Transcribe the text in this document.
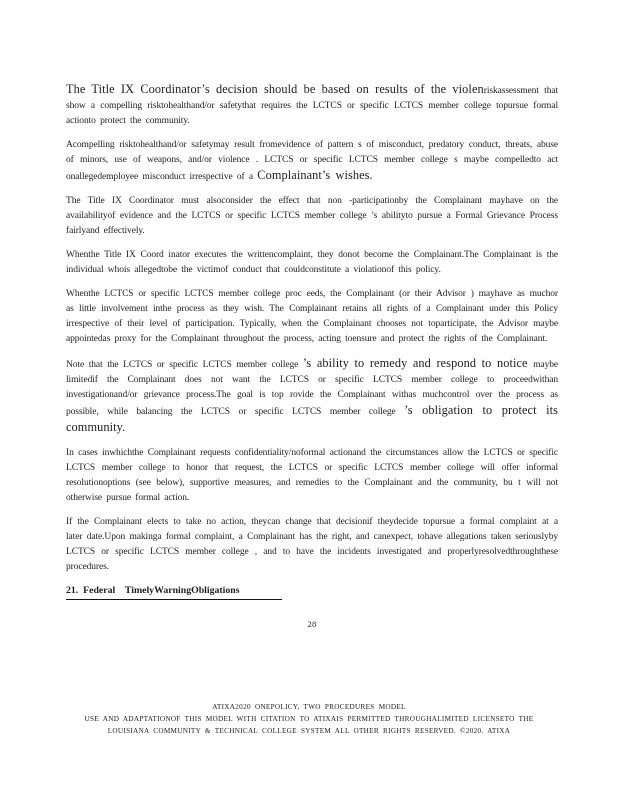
The Title IX Coordinator’s decision should be based on results of the violenriskassessment that show a compelling risktohealthand/or safetythat requires the LCTCS or specific LCTCS member college topursue formal actionto protect the community.

Acompelling risktohealthand/or safetymay result fromevidence of pattern s of misconduct, predatory conduct, threats, abuse of minors, use of weapons, and/or violence . LCTCS or specific LCTCS member college s maybe compelledto act onallegedemployee misconduct irrespective of a Complainant’s wishes.

The Title IX Coordinator must alsoconsider the effect that non -participationby the Complainant mayhave on the availabilityof evidence and the LCTCS or specific LCTCS member college ’s abilityto pursue a Formal Grievance Process fairlyand effectively.

Whenthe Title IX Coord inator executes the writtencomplaint, they donot become the Complainant.The Complainant is the individual whois allegedtobe the victimof conduct that couldconstitute a violationof this policy.

Whenthe LCTCS or specific LCTCS member college proc eeds, the Complainant (or their Advisor ) mayhave as muchor as little involvement inthe process as they wish. The Complainant retains all rights of a Complainant under this Policy irrespective of their level of participation. Typically, when the Complainant chooses not toparticipate, the Advisor maybe appointedas proxy for the Complainant throughout the process, acting toensure and protect the rights of the Complainant.

Note that the LCTCS or specific LCTCS member college ’s ability to remedy and respond to notice maybe limitedif the Complainant does not want the LCTCS or specific LCTCS member college to proceedwithan investigationand/or grievance process.The goal is top rovide the Complainant withas muchcontrol over the process as possible, while balancing the LCTCS or specific LCTCS member college ’s obligation to protect its community.

In cases inwhichthe Complainant requests confidentiality/noformal actionand the circumstances allow the LCTCS or specific LCTCS member college to honor that request, the LCTCS or specific LCTCS member college will offer informal resolutionoptions (see below), supportive measures, and remedies to the Complainant and the community, bu t will not otherwise pursue formal action.

If the Complainant elects to take no action, theycan change that decisionif theydecide topursue a formal complaint at a later date.Upon makinga formal complaint, a Complainant has the right, and canexpect, tohave allegations taken seriouslyby LCTCS or specific LCTCS member college , and to have the incidents investigated and properlyresolvedthroughthese procedures.

21.  Federal    TimelyWarningObligations
28
ATIXA2020 ONEPOLICY, TWO PROCEDURES MODEL
USE AND ADAPTATIONOF THIS MODEL WITH CITATION TO ATIXAIS PERMITTED THROUGHALIMITED LICENSETO THE
LOUISIANA COMMUNITY & TECHNICAL COLLEGE SYSTEM ALL OTHER RIGHTS RESERVED. ©2020. ATIXA
